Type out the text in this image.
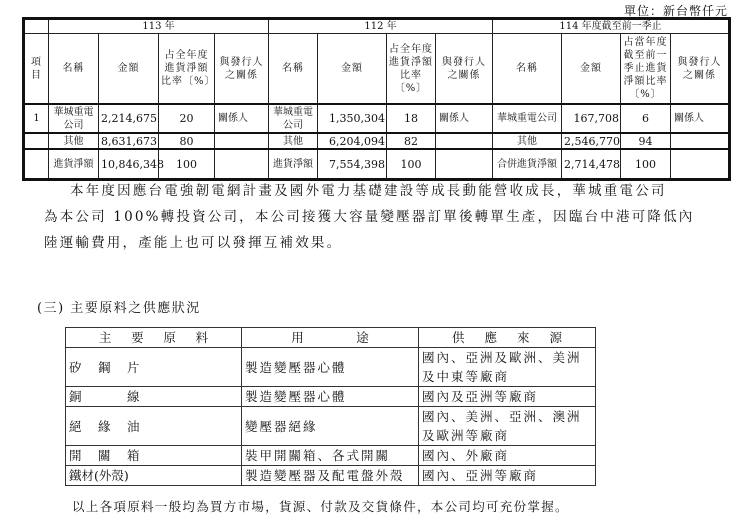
單位：新台幣仟元
	113 年				112 年				114 年度截至前一季止			
項目	名稱	金額	占全年度進貨淨額比率〔%〕	與發行人之關係	名稱	金額	占全年度進貨淨額比率〔%〕	與發行人之關係	名稱	金額	占當年度截至前一季止進貨淨額比率〔%〕	與發行人之關係
1	華城重電公司	2,214,675	20	關係人	華城重電公司	1,350,304	18	關係人	華城重電公司	167,708	6	關係人
	其他	8,631,673	80		其他	6,204,094	82		其他	2,546,770	94	
	進貨淨額	10,846,348	100		進貨淨額	7,554,398	100		合併進貨淨額	2,714,478	100	
本年度因應台電強韌電網計畫及國外電力基礎建設等成長動能營收成長，華城重電公司
為本公司 100%轉投資公司，本公司接獲大容量變壓器訂單後轉單生產，因臨台中港可降低內
陸運輸費用，產能上也可以發揮互補效果。
(三) 主要原料之供應狀況
主 要 原 料	用 途	供 應 來 源

矽　鋼　片	製造變壓器心體	國內、亞洲及歐洲、美洲及中東等廠商
銅　　　線	製造變壓器心體	國內及亞洲等廠商
絕　緣　油	變壓器絕緣	國內、美洲、亞洲、澳洲及歐洲等廠商
開　關　箱	裝甲開關箱、各式開關	國內、外廠商
鐵材(外殼)	製造變壓器及配電盤外殼	國內、亞洲等廠商
以上各項原料一般均為買方市場，貨源、付款及交貨條件，本公司均可充份掌握。
